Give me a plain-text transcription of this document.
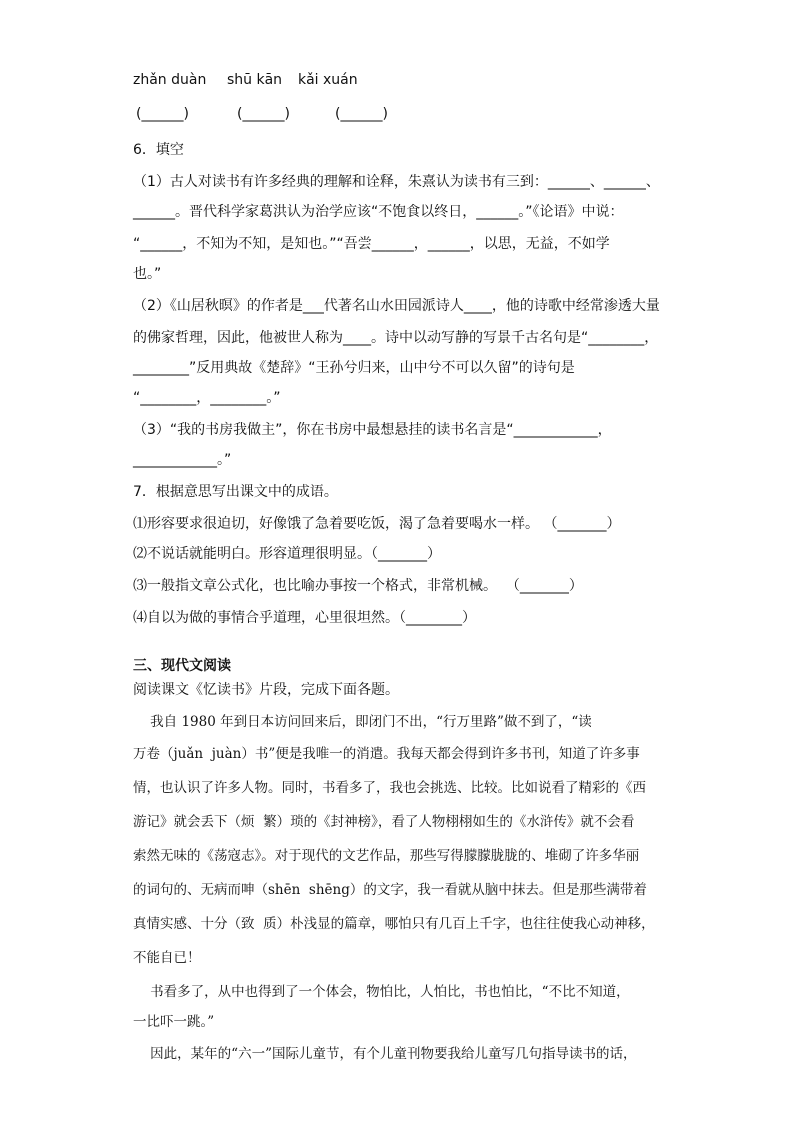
zhǎn duàn shū kān kǎi xuán
(______)	(______)	(______)
6．填空
（1）古人对读书有许多经典的理解和诠释，朱熹认为读书有三到：______、______、
______。晋代科学家葛洪认为治学应该“不饱食以终日，______。”《论语》中说：
“______，不知为不知，是知也。”“吾尝______，______，以思，无益，不如学
也。”
（2）《山居秋暝》的作者是___代著名山水田园派诗人____，他的诗歌中经常渗透大量
的佛家哲理，因此，他被世人称为____。诗中以动写静的写景千古名句是“________，
________”反用典故《楚辞》“王孙兮归来，山中兮不可以久留”的诗句是
“________，________。”
（3）“我的书房我做主”，你在书房中最想悬挂的读书名言是“____________，
____________。”
7．根据意思写出课文中的成语。
⑴形容要求很迫切，好像饿了急着要吃饭，渴了急着要喝水一样。 （_______）
⑵不说话就能明白。形容道理很明显。（_______）
⑶一般指文章公式化，也比喻办事按一个格式，非常机械。  （_______）
⑷自以为做的事情合乎道理，心里很坦然。（________）
三、现代文阅读
阅读课文《忆读书》片段，完成下面各题。
我自 1980 年到日本访问回来后，即闭门不出，“行万里路”做不到了，“读
万卷（juǎn  juàn）书”便是我唯一的消遣。我每天都会得到许多书刊，知道了许多事
情，也认识了许多人物。同时，书看多了，我也会挑选、比较。比如说看了精彩的《西
游记》就会丢下（烦  繁）琐的《封神榜》，看了人物栩栩如生的《水浒传》就不会看
索然无味的《荡寇志》。对于现代的文艺作品，那些写得朦朦胧胧的、堆砌了许多华丽
的词句的、无病而呻（shēn  shēng）的文字，我一看就从脑中抹去。但是那些满带着
真情实感、十分（致  质）朴浅显的篇章，哪怕只有几百上千字，也往往使我心动神移，
不能自已！
书看多了，从中也得到了一个体会，物怕比，人怕比，书也怕比，“不比不知道，
一比吓一跳。”
因此，某年的“六一”国际儿童节，有个儿童刊物要我给儿童写几句指导读书的话，
